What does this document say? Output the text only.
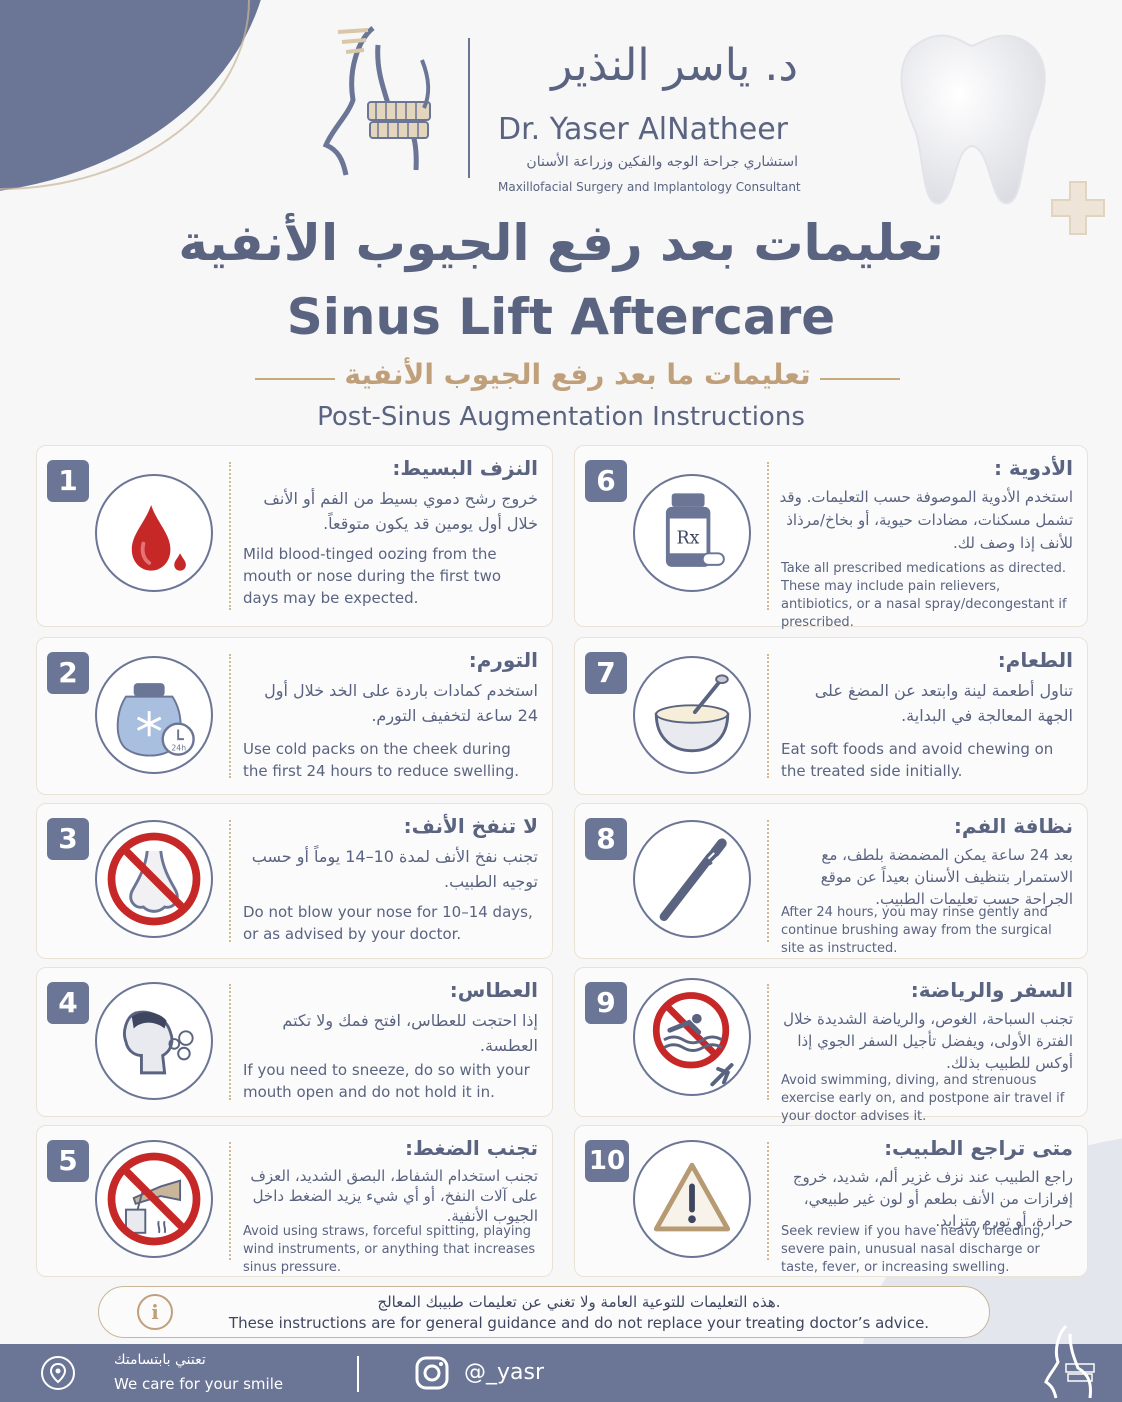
د. ياسر النذير
Dr. Yaser AlNatheer
استشاري جراحة الوجه والفكين وزراعة الأسنان
Maxillofacial Surgery and Implantology Consultant
تعليمات بعد رفع الجيوب الأنفية
Sinus Lift Aftercare
تعليمات ما بعد رفع الجيوب الأنفية
Post-Sinus Augmentation Instructions
1	النزف البسيط:
خروج رشح دموي بسيط من الفم أو الأنف خلال أول يومين قد يكون متوقعاً.
Mild blood-tinged oozing from the mouth or nose during the first two days may be expected.
2
24h
التورم:
استخدم كمادات باردة على الخد خلال أول 24 ساعة لتخفيف التورم.
Use cold packs on the cheek during the first 24 hours to reduce swelling.
3	لا تنفخ الأنف:
تجنب نفخ الأنف لمدة 10–14 يوماً أو حسب توجيه الطبيب.
Do not blow your nose for 10–14 days, or as advised by your doctor.
4	العطاس:
إذا احتجت للعطاس، افتح فمك ولا تكتم العطسة.
If you need to sneeze, do so with your mouth open and do not hold it in.
5	تجنب الضغط:
تجنب استخدام الشفاط، البصق الشديد، العزف على آلات النفخ، أو أي شيء يزيد الضغط داخل الجيوب الأنفية.
Avoid using straws, forceful spitting, playing wind instruments, or anything that increases sinus pressure.
6
Rx
الأدوية :
استخدم الأدوية الموصوفة حسب التعليمات. وقد تشمل مسكنات، مضادات حيوية، أو بخاخ/مرذاذ للأنف إذا وصف لك.
Take all prescribed medications as directed. These may include pain relievers, antibiotics, or a nasal spray/decongestant if prescribed.
7	الطعام:
تناول أطعمة لينة وابتعد عن المضغ على الجهة المعالجة في البداية.
Eat soft foods and avoid chewing on the treated side initially.
8	نظافة الفم:
بعد 24 ساعة يمكن المضمضة بلطف، مع الاستمرار بتنظيف الأسنان بعيداً عن موقع الجراحة حسب تعليمات الطبيب.
After 24 hours, you may rinse gently and continue brushing away from the surgical site as instructed.
9	السفر والرياضة:
تجنب السباحة، الغوص، والرياضة الشديدة خلال الفترة الأولى، ويفضل تأجيل السفر الجوي إذا أوكس للطبيب بذلك.
Avoid swimming, diving, and strenuous exercise early on, and postpone air travel if your doctor advises it.
10	متى تراجع الطبيب:
راجع الطبيب عند نزف غزير ألم، شديد، خروج إفرازات من الأنف بطعم أو لون غير طبيعي، حرارة، أو تورم متزايد.
Seek review if you have heavy bleeding, severe pain, unusual nasal discharge or taste, fever, or increasing swelling.
i	هذه التعليمات للتوعية العامة ولا تغني عن تعليمات طبيبك المعالج.
These instructions are for general guidance and do not replace your treating doctor’s advice.
تعتني بابتسامتك
We care for your smile	@_yasr
